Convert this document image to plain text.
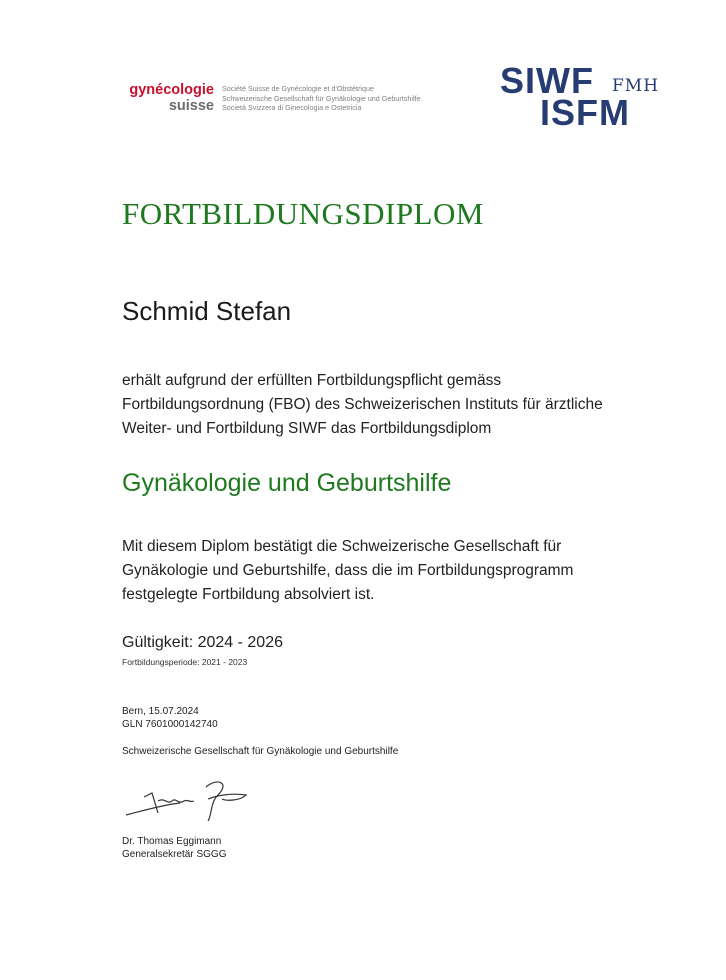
gynécologie
suisse
Société Suisse de Gynécologie et d'Obstétrique
Schweizerische Gesellschaft für Gynäkologie und Geburtshilfe
Società Svizzera di Ginecologia e Ostetricia
SIWF FMH
ISFM
FORTBILDUNGSDIPLOM
Schmid Stefan
erhält aufgrund der erfüllten Fortbildungspflicht gemäss
Fortbildungsordnung (FBO) des Schweizerischen Instituts für ärztliche
Weiter- und Fortbildung SIWF das Fortbildungsdiplom
Gynäkologie und Geburtshilfe
Mit diesem Diplom bestätigt die Schweizerische Gesellschaft für
Gynäkologie und Geburtshilfe, dass die im Fortbildungsprogramm
festgelegte Fortbildung absolviert ist.
Gültigkeit: 2024 - 2026
Fortbildungsperiode: 2021 - 2023
Bern, 15.07.2024
GLN 7601000142740
Schweizerische Gesellschaft für Gynäkologie und Geburtshilfe
Dr. Thomas Eggimann
Generalsekretär SGGG
